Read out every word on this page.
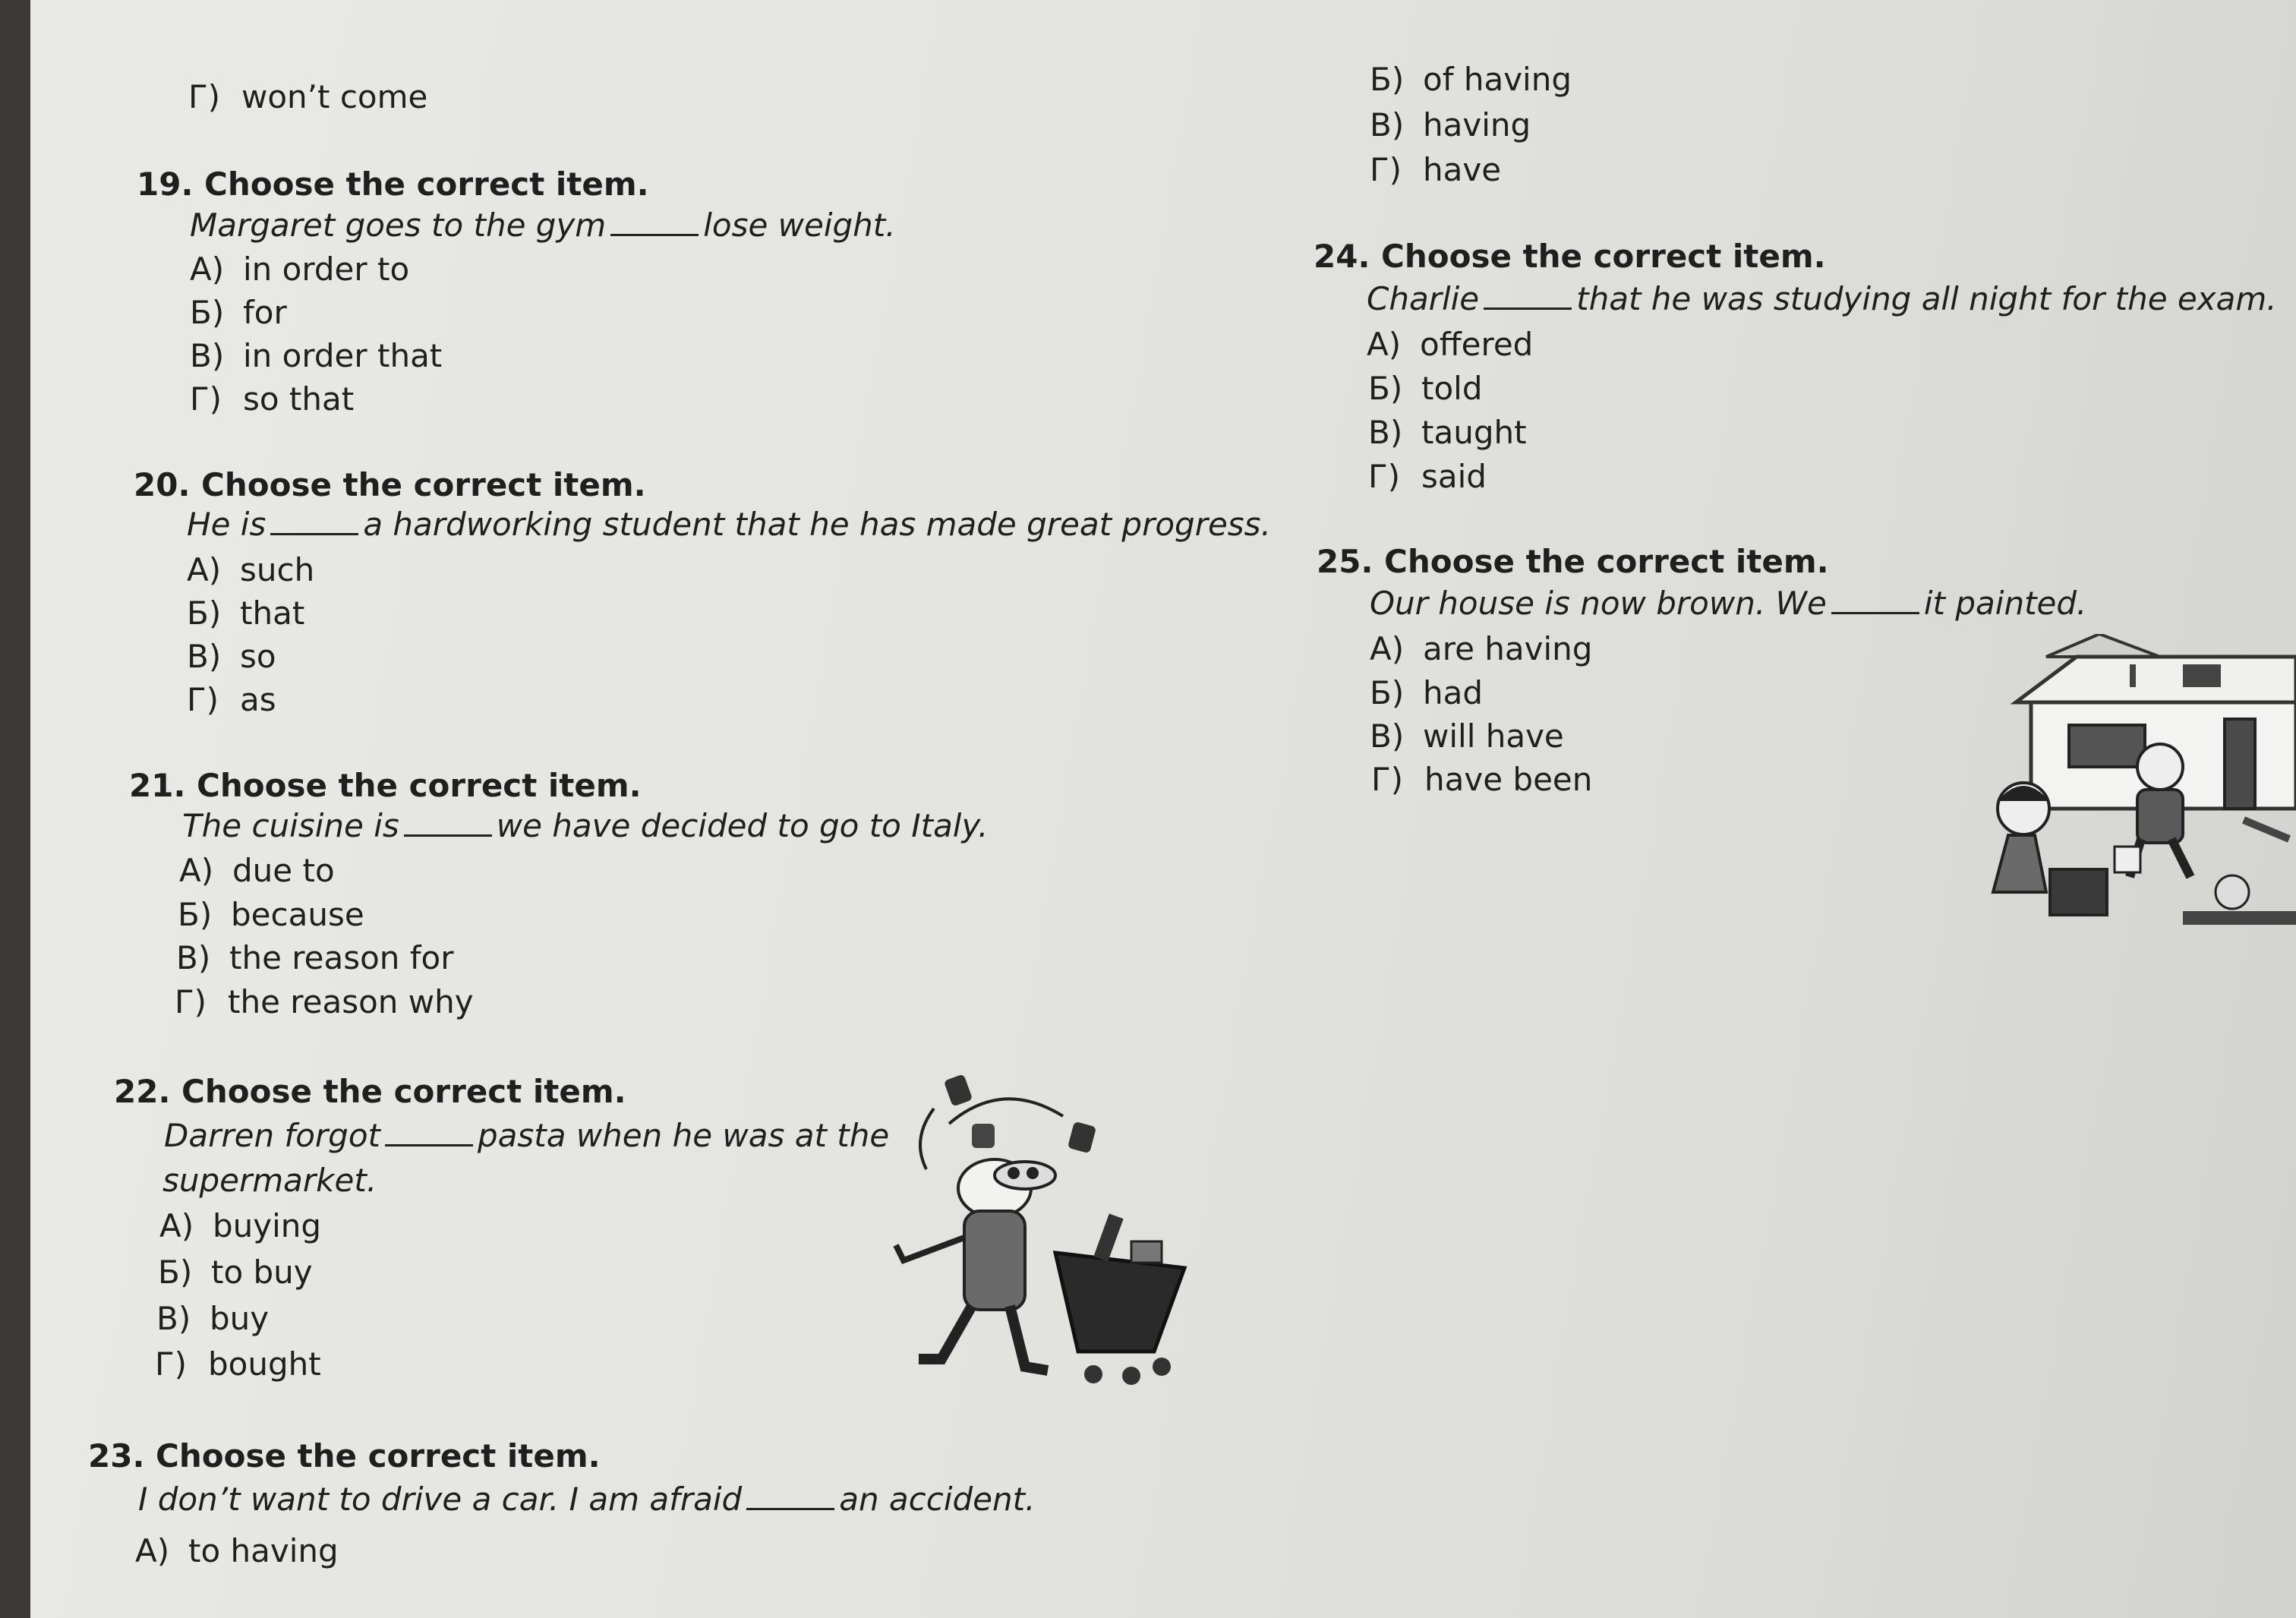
Г) won’t come
19. Choose the correct item.
Margaret goes to the gym	lose weight.
A) in order to
Б) for
B) in order that
Г) so that
20. Choose the correct item.
He is	a hardworking student that he has made great progress.
A) such
Б) that
B) so
Г) as
21. Choose the correct item.
The cuisine is	we have decided to go to Italy.
A) due to
Б) because
B) the reason for
Г) the reason why
22. Choose the correct item.
Darren forgot	pasta when he was at the
supermarket.
A) buying
Б) to buy
B) buy
Г) bought
23. Choose the correct item.
I don’t want to drive a car. I am afraid	an accident.
A) to having
Б) of having
B) having
Г) have
24. Choose the correct item.
Charlie	that he was studying all night for the exam.
A) offered
Б) told
B) taught
Г) said
25. Choose the correct item.
Our house is now brown. We	it painted.
A) are having
Б) had
B) will have
Г) have been
